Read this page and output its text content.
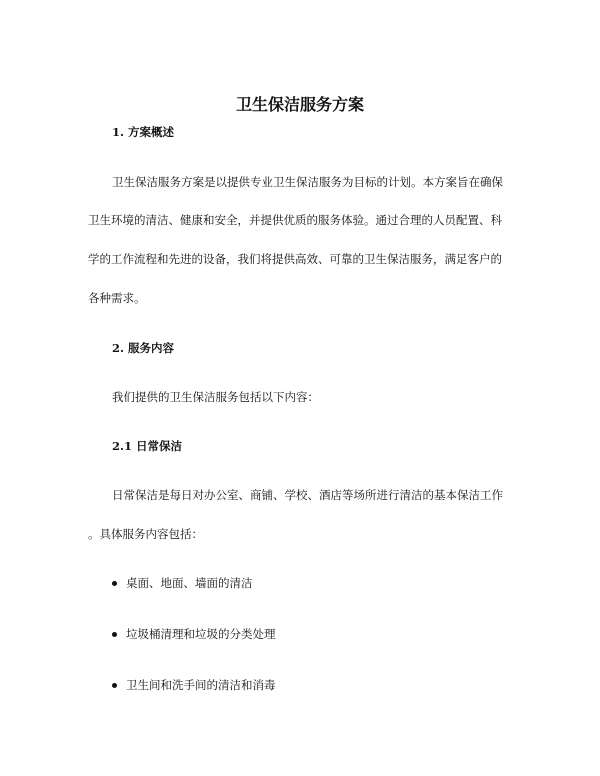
卫生保洁服务方案
1. 方案概述

卫生保洁服务方案是以提供专业卫生保洁服务为目标的计划。本方案旨在确保

卫生环境的清洁、健康和安全，并提供优质的服务体验。通过合理的人员配置、科

学的工作流程和先进的设备，我们将提供高效、可靠的卫生保洁服务，满足客户的

各种需求。

2. 服务内容

我们提供的卫生保洁服务包括以下内容：

2.1 日常保洁

日常保洁是每日对办公室、商铺、学校、酒店等场所进行清洁的基本保洁工作

。具体服务内容包括：

桌面、地面、墙面的清洁
垃圾桶清理和垃圾的分类处理
卫生间和洗手间的清洁和消毒
